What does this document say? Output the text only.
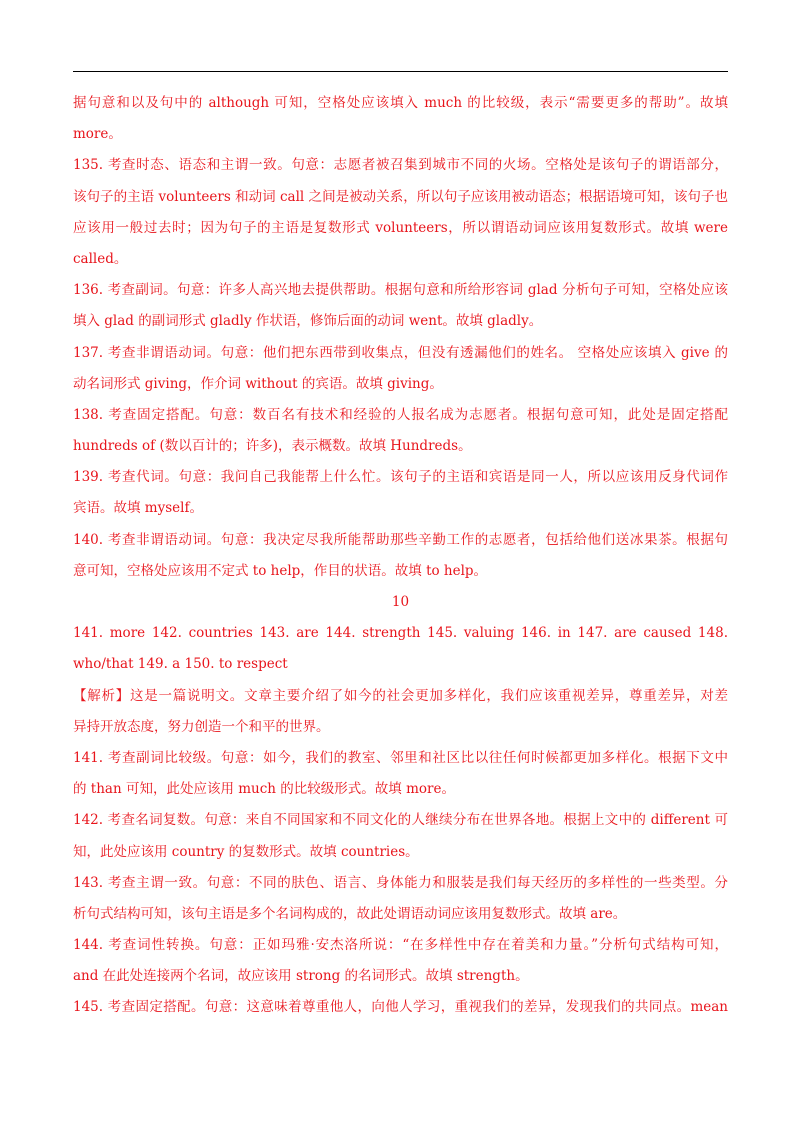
据句意和以及句中的 although 可知，空格处应该填入 much 的比较级，表示“需要更多的帮助”。故填
more。
135. 考查时态、语态和主谓一致。句意：志愿者被召集到城市不同的火场。空格处是该句子的谓语部分，
该句子的主语 volunteers 和动词 call 之间是被动关系，所以句子应该用被动语态；根据语境可知，该句子也
应该用一般过去时；因为句子的主语是复数形式 volunteers，所以谓语动词应该用复数形式。故填 were
called。
136. 考查副词。句意：许多人高兴地去提供帮助。根据句意和所给形容词 glad 分析句子可知，空格处应该
填入 glad 的副词形式 gladly 作状语，修饰后面的动词 went。故填 gladly。
137. 考查非谓语动词。句意：他们把东西带到收集点，但没有透漏他们的姓名。 空格处应该填入 give 的
动名词形式 giving，作介词 without 的宾语。故填 giving。
138. 考查固定搭配。句意：数百名有技术和经验的人报名成为志愿者。根据句意可知，此处是固定搭配
hundreds of (数以百计的；许多)，表示概数。故填 Hundreds。
139. 考查代词。句意：我问自己我能帮上什么忙。该句子的主语和宾语是同一人，所以应该用反身代词作
宾语。故填 myself。
140. 考查非谓语动词。句意：我决定尽我所能帮助那些辛勤工作的志愿者，包括给他们送冰果茶。根据句
意可知，空格处应该用不定式 to help，作目的状语。故填 to help。
10
141. more 142. countries 143. are 144. strength 145. valuing 146. in 147. are caused 148.
who/that 149. a 150. to respect
【解析】这是一篇说明文。文章主要介绍了如今的社会更加多样化，我们应该重视差异，尊重差异，对差
异持开放态度，努力创造一个和平的世界。
141. 考查副词比较级。句意：如今，我们的教室、邻里和社区比以往任何时候都更加多样化。根据下文中
的 than 可知，此处应该用 much 的比较级形式。故填 more。
142. 考查名词复数。句意：来自不同国家和不同文化的人继续分布在世界各地。根据上文中的 different 可
知，此处应该用 country 的复数形式。故填 countries。
143. 考查主谓一致。句意：不同的肤色、语言、身体能力和服装是我们每天经历的多样性的一些类型。分
析句式结构可知，该句主语是多个名词构成的，故此处谓语动词应该用复数形式。故填 are。
144. 考查词性转换。句意：正如玛雅·安杰洛所说：“在多样性中存在着美和力量。”分析句式结构可知，
and 在此处连接两个名词，故应该用 strong 的名词形式。故填 strength。
145. 考查固定搭配。句意：这意味着尊重他人，向他人学习，重视我们的差异，发现我们的共同点。mean
